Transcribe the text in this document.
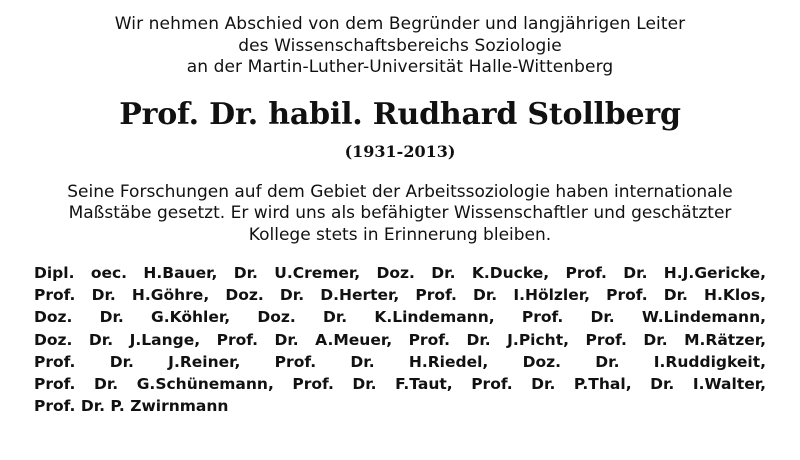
Wir nehmen Abschied von dem Begründer und langjährigen Leiter
des Wissenschaftsbereichs Soziologie
an der Martin-Luther-Universität Halle-Wittenberg

Prof. Dr. habil. Rudhard Stollberg

(1931-2013)

Seine Forschungen auf dem Gebiet der Arbeitssoziologie haben internationale
Maßstäbe gesetzt. Er wird uns als befähigter Wissenschaftler und geschätzter
Kollege stets in Erinnerung bleiben.

Dipl. oec. H.Bauer, Dr. U.Cremer, Doz. Dr. K.Ducke, Prof. Dr. H.J.Gericke,
Prof. Dr. H.Göhre, Doz. Dr. D.Herter, Prof. Dr. I.Hölzler, Prof. Dr. H.Klos,
Doz. Dr. G.Köhler, Doz. Dr. K.Lindemann, Prof. Dr. W.Lindemann,
Doz. Dr. J.Lange, Prof. Dr. A.Meuer, Prof. Dr. J.Picht, Prof. Dr. M.Rätzer,
Prof. Dr. J.Reiner, Prof. Dr. H.Riedel, Doz. Dr. I.Ruddigkeit,
Prof. Dr. G.Schünemann, Prof. Dr. F.Taut, Prof. Dr. P.Thal, Dr. I.Walter,
Prof. Dr. P. Zwirnmann
